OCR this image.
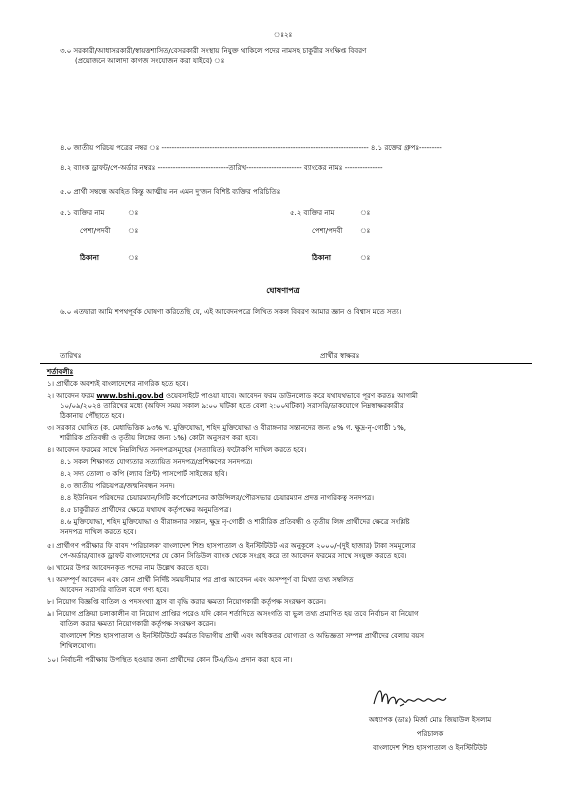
ঃ২ঃ
৩.০ সরকারী/আধাসরকারী/স্বায়ত্তশাসিত/বেসরকারী সংস্থায় নিযুক্ত থাকিলে পদের নামসহ চাকুরীর সংক্ষিপ্ত বিবরণ
(প্রয়োজনে আলাদা কাগজ সংযোজন করা যাইবে) ঃ
৪.০ জাতীয় পরিচয় পত্রের নম্বর ঃ ---------------------------------------------------------------------------------- ৪.১ রক্তের গ্রুপঃ---------
৪.২ ব্যাংক ড্রাফট/পে-অর্ডার নম্বরঃ ----------------------------তারিখ---------------------- ব্যাংকের নামঃ ---------------
৫.০ প্রার্থী সম্বন্ধে অবহিত কিন্তু আত্মীয় নন এমন দু'জন বিশিষ্ট ব্যক্তির পরিচিতিঃ
৫.১ ব্যক্তির নাম	ঃ	৫.২ ব্যক্তির নাম	ঃ
পেশা/পদবী	ঃ	পেশা/পদবী	ঃ
ঠিকানা	ঃ	ঠিকানা	ঃ
ঘোষণাপত্র
৬.০ এতদ্বারা আমি শপথপূর্বক ঘোষণা করিতেছি যে, এই আবেদনপত্রে লিখিত সকল বিবরণ আমার জ্ঞান ও বিশ্বাস মতে সত্য।
তারিখঃ	প্রার্থীর স্বাক্ষরঃ
শর্তাবলীঃ
১। প্রার্থীকে অবশ্যই বাংলাদেশের নাগরিক হতে হবে।
২। আবেদন ফরম www.bshi.gov.bd ওয়েবসাইটে পাওয়া যাবে। আবেদন ফরম ডাউনলোড করে যথাযথভাবে পূরণ করতঃ আগামী
১০/০৯/২০২৪ তারিখের মধ্যে (অফিস সময় সকাল ৯:০০ ঘটিকা হতে বেলা ২:০০ঘটিকা) সরাসরি/ডাকযোগে নিম্নস্বাক্ষরকারীর
ঠিকানায় পৌঁছাতে হবে।
৩। সরকার ঘোষিত (ক. মেধাভিত্তিক ৯৩% খ. মুক্তিযোদ্ধা, শহিদ মুক্তিযোদ্ধা ও বীরাঙ্গনার সন্তানদের জন্য ৫% গ. ক্ষুদ্র-নৃ-গোষ্ঠী ১%,
শারীরিক প্রতিবন্ধী ও তৃতীয় লিঙ্গের জন্য ১%) কোটা অনুসরণ করা হবে।
৪। আবেদন ফরমের সাথে নিম্নলিখিত সনদপত্রসমূহের (সত্যায়িত) ফটোকপি দাখিল করতে হবে।
৪.১ সকল শিক্ষাগত যোগ্যতার সত্যায়িত সনদপত্র/প্রশিক্ষণের সনদপত্র।
৪.২ সদ্য তোলা ৩ কপি (ল্যাব প্রিন্ট) পাসপোর্ট সাইজের ছবি।
৪.৩ জাতীয় পরিচয়পত্র/জন্মনিবন্ধন সনদ।
৪.৪ ইউনিয়ন পরিষদের চেয়ারম্যান/সিটি কর্পোরেশনের কাউন্সিলর/পৌরসভার চেয়ারম্যান প্রদত্ত নাগরিকত্ব সনদপত্র।
৪.৫ চাকুরীরত প্রার্থীদের ক্ষেত্রে যথাযথ কর্তৃপক্ষের অনুমতিপত্র।
৪.৬ মুক্তিযোদ্ধা, শহিদ মুক্তিযোদ্ধা ও বীরাঙ্গনার সন্তান, ক্ষুদ্র নৃ-গোষ্ঠী ও শারীরিক প্রতিবন্ধী ও তৃতীয় লিঙ্গ প্রার্থীদের ক্ষেত্রে সংশ্লিষ্ট
সনদপত্র দাখিল করতে হবে।
৫। প্রার্থীগণ পরীক্ষার ফি বাবদ 'পরিচালক' বাংলাদেশ শিশু হাসপাতাল ও ইনস্টিটিউট এর অনুকূলে ২০০০/-(দুই হাজার) টাকা সমমূল্যের
পে-অর্ডার/ব্যাংক ড্রাফট বাংলাদেশের যে কোন সিডিউল ব্যাংক থেকে সংগ্রহ করে তা আবেদন ফরমের সাথে সংযুক্ত করতে হবে।
৬। খামের উপর আবেদনকৃত পদের নাম উল্লেখ করতে হবে।
৭। অসম্পূর্ণ আবেদন এবং কোন প্রার্থী নির্দিষ্ট সময়সীমার পর প্রাপ্ত আবেদন এবং অসম্পূর্ণ বা মিথ্যা তথ্য সম্বলিত
আবেদন সরাসরি বাতিল বলে গণ্য হবে।
৮। নিয়োগ বিজ্ঞপ্তি বাতিল ও পদসংখ্যা হ্রাস বা বৃদ্ধি করার ক্ষমতা নিয়োগকারী কর্তৃপক্ষ সংরক্ষণ করেন।
৯। নিয়োগ প্রক্রিয়া চলাকালীন বা নিয়োগ প্রাপ্তির পরেও যদি কোন শর্তাদিতে অসংগতি বা ভুল তথ্য প্রমাণিত হয় তবে নির্বাচন বা নিয়োগ
বাতিল করার ক্ষমতা নিয়োগকারী কর্তৃপক্ষ সংরক্ষণ করেন।
বাংলাদেশ শিশু হাসপাতাল ও ইনস্টিটিউটে কর্মরত বিভাগীয় প্রার্থী এবং অধিকতর যোগ্যতা ও অভিজ্ঞতা সম্পন্ন প্রার্থীদের বেলায় বয়স
শিথিলযোগ্য।
১০। নির্বাচনী পরীক্ষায় উপস্থিত হওয়ার জন্য প্রার্থীদের কোন টিএ/ডিএ প্রদান করা হবে না।
অধ্যাপক (ডাঃ) মির্জা মোঃ জিয়াউল ইসলাম
পরিচালক
বাংলাদেশ শিশু হাসপাতাল ও ইনস্টিটিউট
